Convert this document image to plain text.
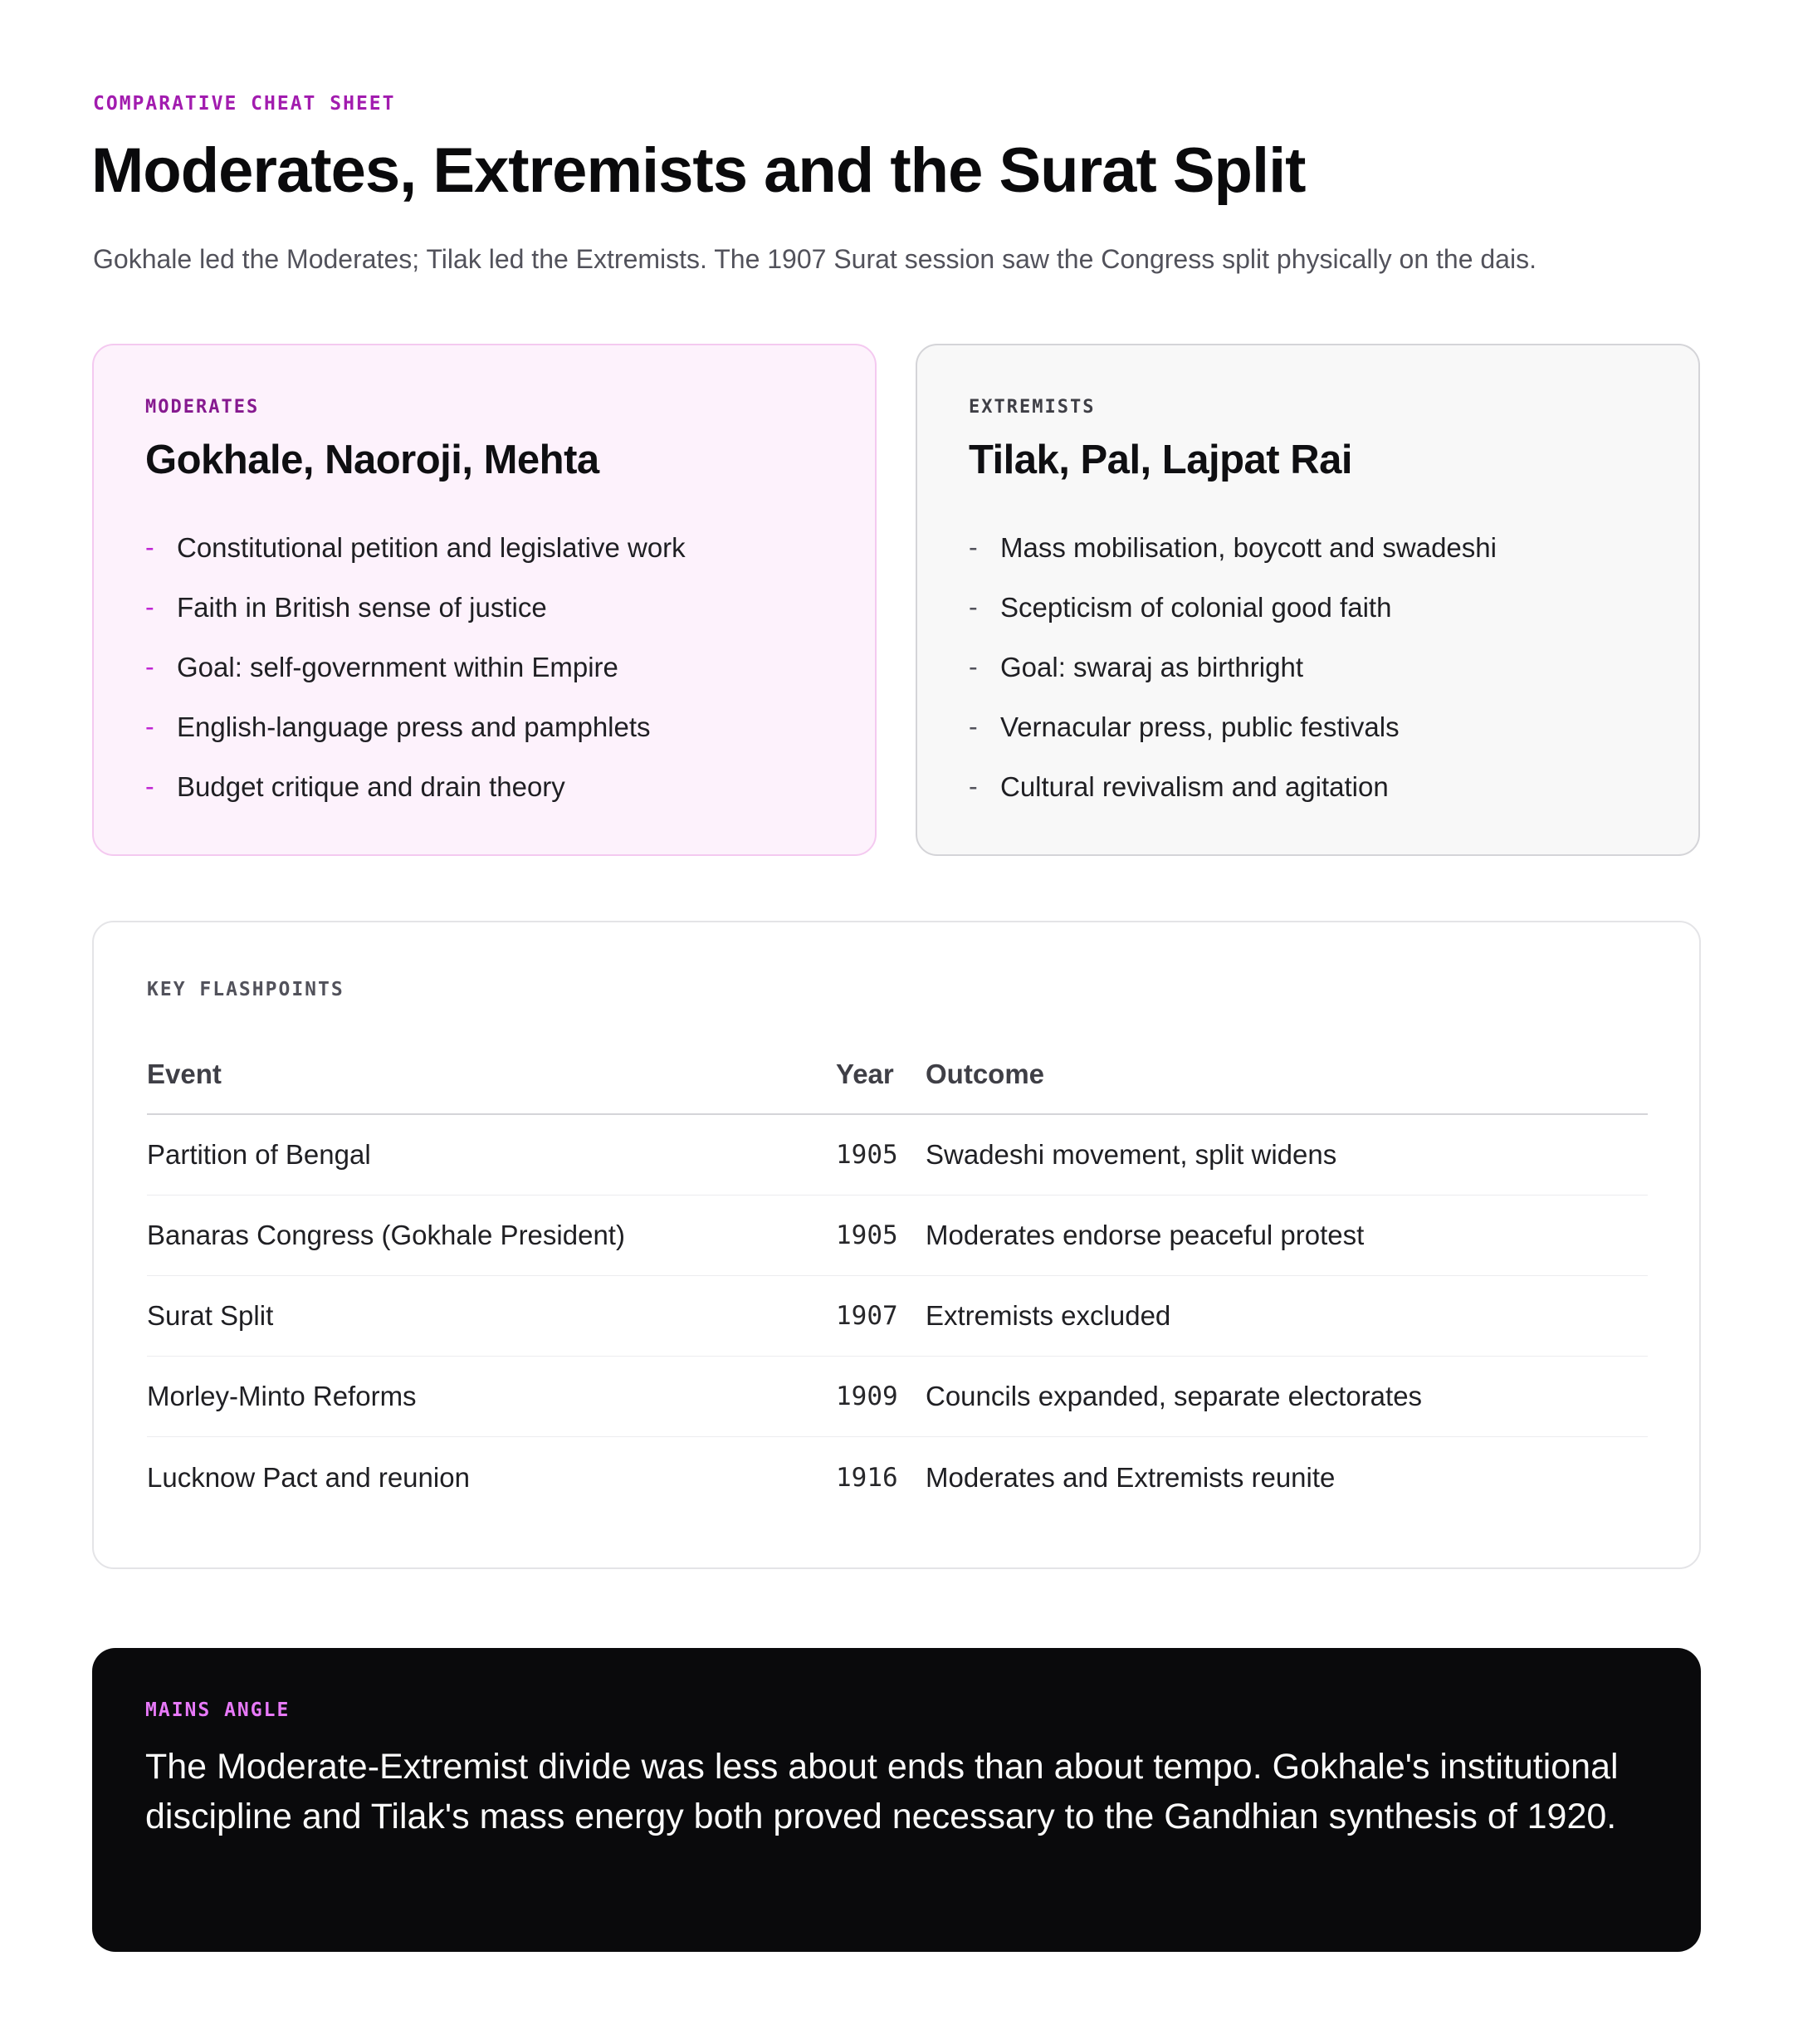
COMPARATIVE CHEAT SHEET
Moderates, Extremists and the Surat Split

Gokhale led the Moderates; Tilak led the Extremists. The 1907 Surat session saw the Congress split physically on the dais.

MODERATES
Gokhale, Naoroji, Mehta
- Constitutional petition and legislative work
- Faith in British sense of justice
- Goal: self-government within Empire
- English-language press and pamphlets
- Budget critique and drain theory
EXTREMISTS
Tilak, Pal, Lajpat Rai
- Mass mobilisation, boycott and swadeshi
- Scepticism of colonial good faith
- Goal: swaraj as birthright
- Vernacular press, public festivals
- Cultural revivalism and agitation
KEY FLASHPOINTS
Event	Year	Outcome
Partition of Bengal	1905	Swadeshi movement, split widens
Banaras Congress (Gokhale President)	1905	Moderates endorse peaceful protest
Surat Split	1907	Extremists excluded
Morley-Minto Reforms	1909	Councils expanded, separate electorates
Lucknow Pact and reunion	1916	Moderates and Extremists reunite
MAINS ANGLE

The Moderate-Extremist divide was less about ends than about tempo. Gokhale's institutional discipline and Tilak's mass energy both proved necessary to the Gandhian synthesis of 1920.
